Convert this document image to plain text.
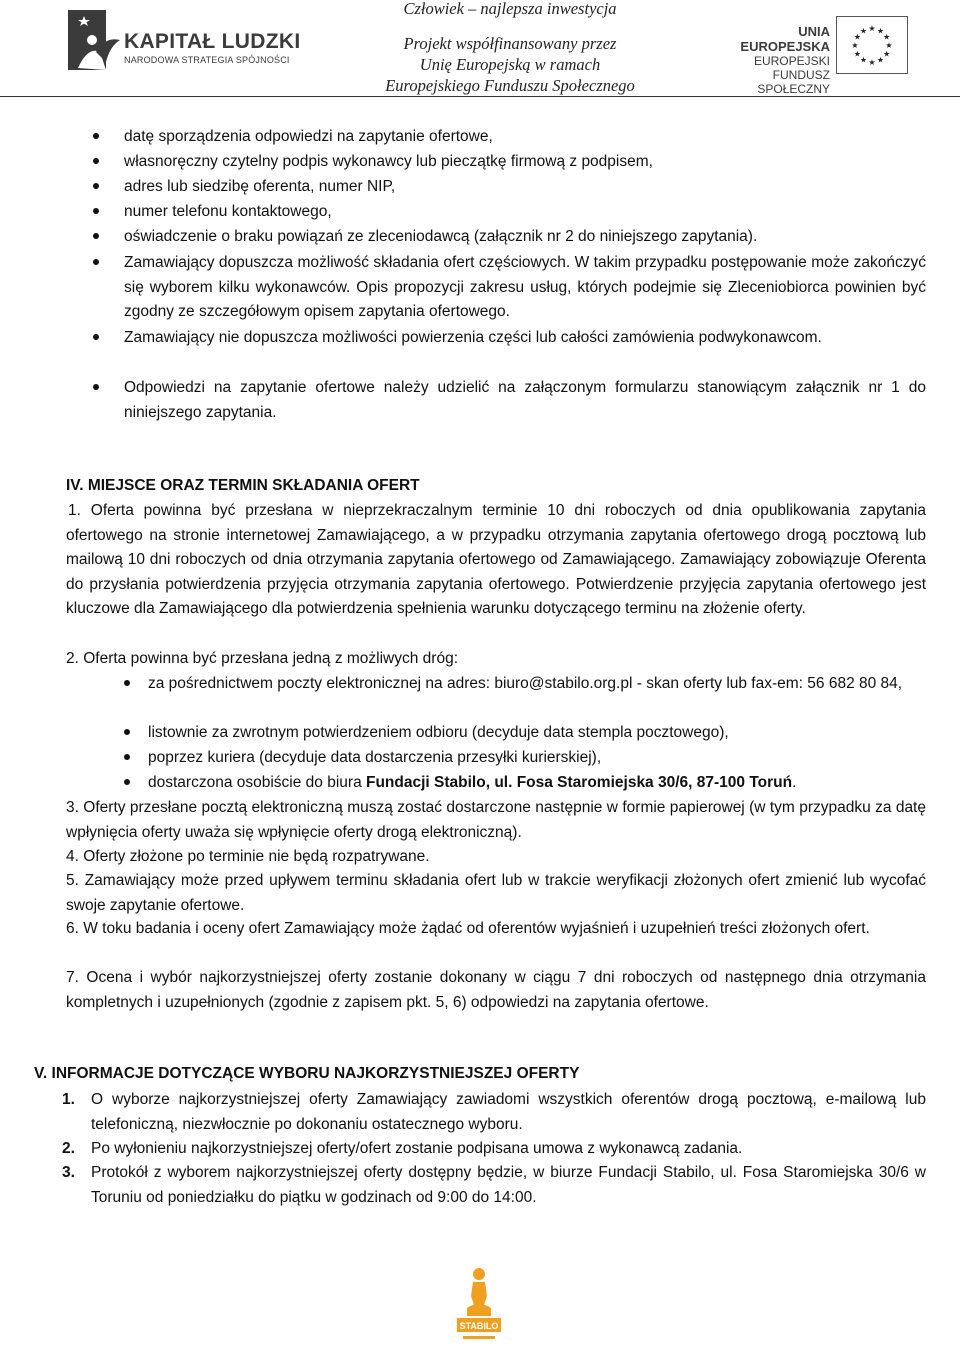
KAPITAŁ LUDZKI
NARODOWA STRATEGIA SPÓJNOŚCI
Człowiek – najlepsza inwestycja
Projekt współfinansowany przez
Unię Europejską w ramach
Europejskiego Funduszu Społecznego
UNIA EUROPEJSKA
EUROPEJSKI
FUNDUSZ SPOŁECZNY
★ ★
★
★
★
★
★
★
★
★
★
★
datę sporządzenia odpowiedzi na zapytanie ofertowe,
własnoręczny czytelny podpis wykonawcy lub pieczątkę firmową z podpisem,
adres lub siedzibę oferenta, numer NIP,
numer telefonu kontaktowego,
oświadczenie o braku powiązań ze zleceniodawcą (załącznik nr 2 do niniejszego zapytania).
Zamawiający dopuszcza możliwość składania ofert częściowych. W takim przypadku postępowanie może zakończyć się wyborem kilku wykonawców. Opis propozycji zakresu usług, których podejmie się Zleceniobiorca powinien być zgodny ze szczegółowym opisem zapytania ofertowego.
Zamawiający nie dopuszcza możliwości powierzenia części lub całości zamówienia podwykonawcom.
Odpowiedzi na zapytanie ofertowe należy udzielić na załączonym formularzu stanowiącym załącznik nr 1 do niniejszego zapytania.
IV. MIEJSCE ORAZ TERMIN SKŁADANIA OFERT
1. Oferta powinna być przesłana w nieprzekraczalnym terminie 10 dni roboczych od dnia opublikowania zapytania ofertowego na stronie internetowej Zamawiającego, a w przypadku otrzymania zapytania ofertowego drogą pocztową lub mailową 10 dni roboczych od dnia otrzymania zapytania ofertowego od Zamawiającego. Zamawiający zobowiązuje Oferenta do przysłania potwierdzenia przyjęcia otrzymania zapytania ofertowego. Potwierdzenie przyjęcia zapytania ofertowego jest kluczowe dla Zamawiającego dla potwierdzenia spełnienia warunku dotyczącego terminu na złożenie oferty.
2. Oferta powinna być przesłana jedną z możliwych dróg:
za pośrednictwem poczty elektronicznej na adres: biuro@stabilo.org.pl - skan oferty lub fax-em: 56 682 80 84,
listownie za zwrotnym potwierdzeniem odbioru (decyduje data stempla pocztowego),
poprzez kuriera (decyduje data dostarczenia przesyłki kurierskiej),
dostarczona osobiście do biura Fundacji Stabilo, ul. Fosa Staromiejska 30/6, 87-100 Toruń.
3. Oferty przesłane pocztą elektroniczną muszą zostać dostarczone następnie w formie papierowej (w tym przypadku za datę wpłynięcia oferty uważa się wpłynięcie oferty drogą elektroniczną).
4. Oferty złożone po terminie nie będą rozpatrywane.
5. Zamawiający może przed upływem terminu składania ofert lub w trakcie weryfikacji złożonych ofert zmienić lub wycofać swoje zapytanie ofertowe.
6. W toku badania i oceny ofert Zamawiający może żądać od oferentów wyjaśnień i uzupełnień treści złożonych ofert.
7. Ocena i wybór najkorzystniejszej oferty zostanie dokonany w ciągu 7 dni roboczych od następnego dnia otrzymania kompletnych i uzupełnionych (zgodnie z zapisem pkt. 5, 6) odpowiedzi na zapytania ofertowe.
V. INFORMACJE DOTYCZĄCE WYBORU NAJKORZYSTNIEJSZEJ OFERTY
1. O wyborze najkorzystniejszej oferty Zamawiający zawiadomi wszystkich oferentów drogą pocztową, e-mailową lub telefoniczną, niezwłocznie po dokonaniu ostatecznego wyboru.
2. Po wyłonieniu najkorzystniejszej oferty/ofert zostanie podpisana umowa z wykonawcą zadania.
3. Protokół z wyborem najkorzystniejszej oferty dostępny będzie, w biurze Fundacji Stabilo, ul. Fosa Staromiejska 30/6 w Toruniu od poniedziałku do piątku w godzinach od 9:00 do 14:00.
STABILO
